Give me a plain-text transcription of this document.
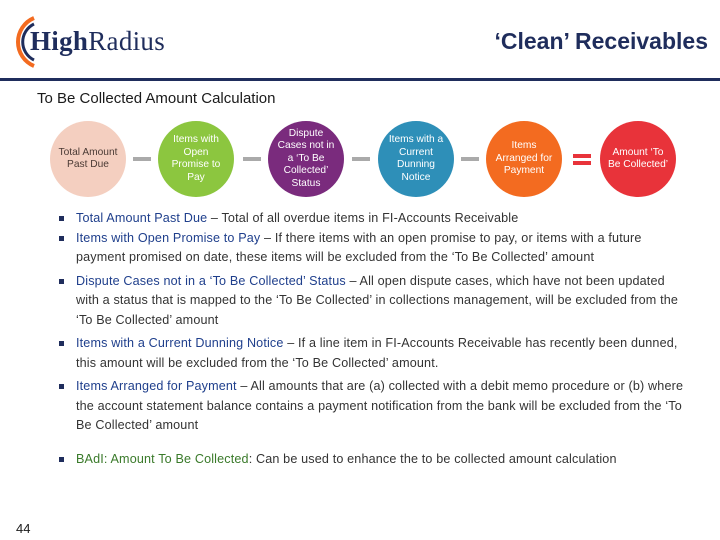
HighRadius	‘Clean’ Receivables
To Be Collected Amount Calculation
Total Amount Past Due
Items with Open Promise to Pay
Dispute Cases not in a ‘To Be Collected’ Status
Items with a Current Dunning Notice
Items Arranged for Payment
Amount ‘To Be Collected’
Total Amount Past Due – Total of all overdue items in FI-Accounts Receivable
Items with Open Promise to Pay – If there items with an open promise to pay, or items with a future payment promised on date, these items will be excluded from the ‘To Be Collected’ amount
Dispute Cases not in a ‘To Be Collected’ Status – All open dispute cases, which have not been updated with a status that is mapped to the ‘To Be Collected’ in collections management, will be excluded from the ‘To Be Collected’ amount
Items with a Current Dunning Notice – If a line item in FI-Accounts Receivable has recently been dunned, this amount will be excluded from the ‘To Be Collected’ amount.
Items Arranged for Payment – All amounts that are (a) collected with a debit memo procedure or (b) where the account statement balance contains a payment notification from the bank will be excluded from the ‘To Be Collected’ amount
BAdI: Amount To Be Collected: Can be used to enhance the to be collected amount calculation
44
